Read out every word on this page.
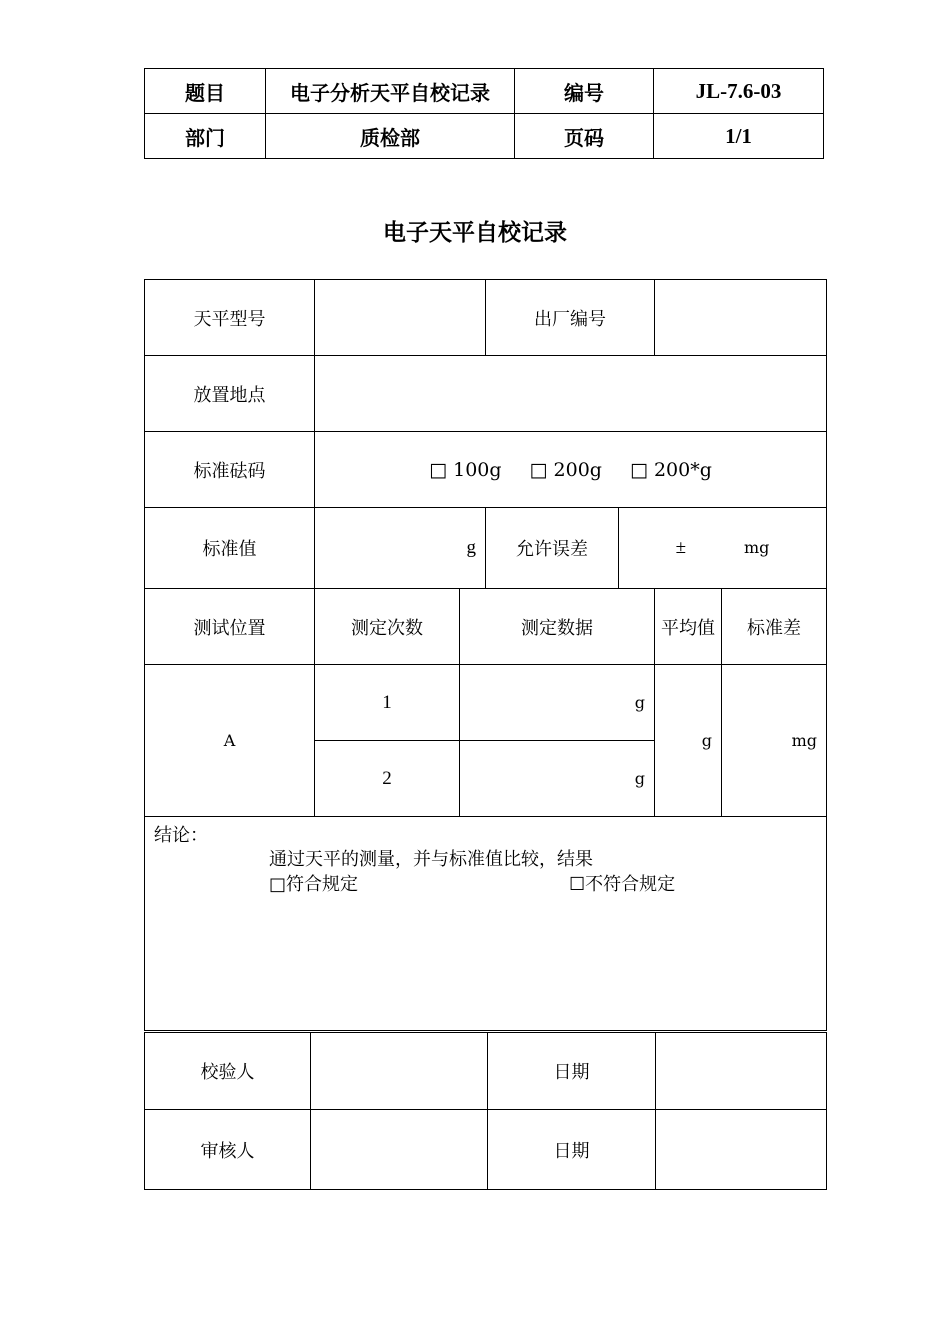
题目	电子分析天平自校记录	编号	JL-7.6-03
部门	质检部	页码	1/1
电子天平自校记录
天平型号			出厂编号			
放置地点						
标准砝码	□ 100g □ 200g □ 200*g					
标准值	g		允许误差	± mg		
测试位置	测定次数	测定数据			平均值	标准差
A	1	g			g	mg
	2	g				

结论：
通过天平的测量，并与标准值比较，结果
□符合规定 ☐不符合规定						
校验人		日期	
审核人		日期	
